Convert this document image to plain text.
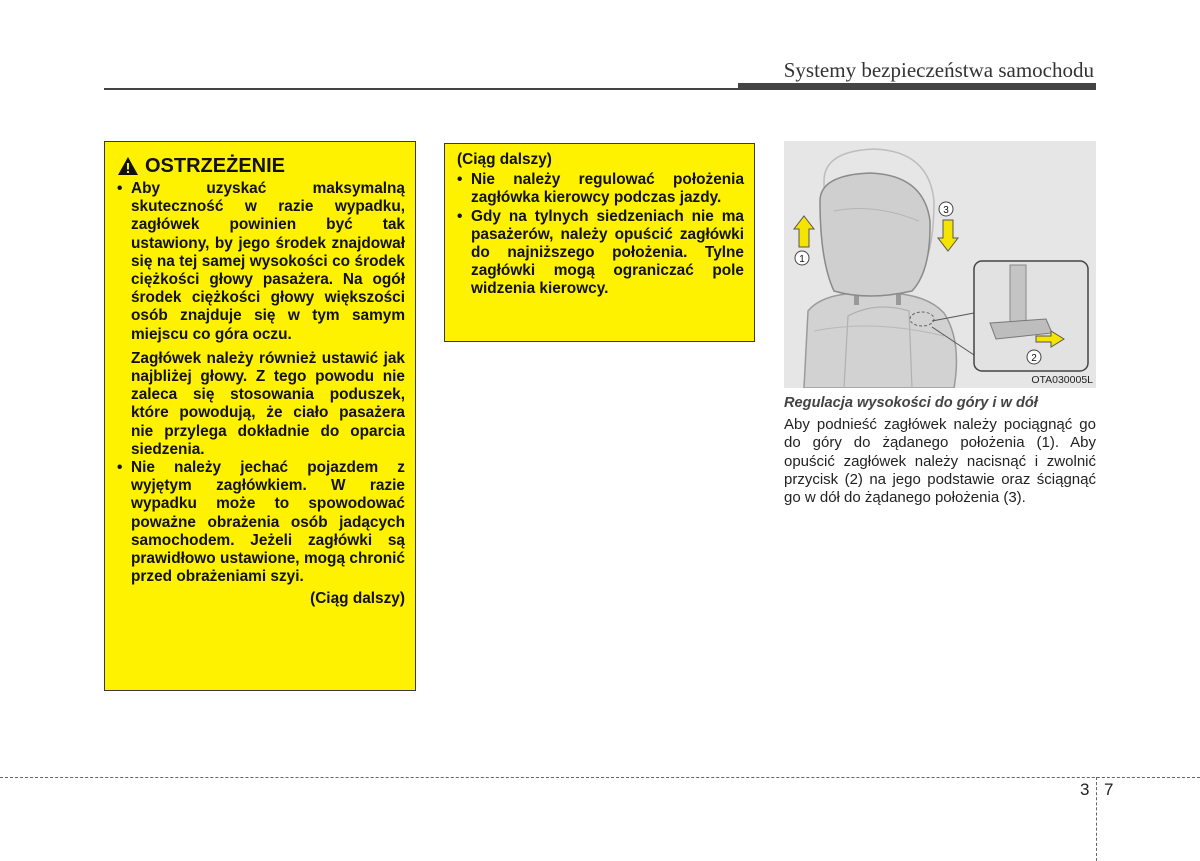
Systemy bezpieczeństwa samochodu
OSTRZEŻENIE
• Aby uzyskać maksymalną skuteczność w razie wypadku, zagłówek powinien być tak ustawiony, by jego środek znajdował się na tej samej wysokości co środek ciężkości głowy pasażera. Na ogół środek ciężkości głowy większości osób znajduje się w tym samym miejscu co góra oczu.
Zagłówek należy również ustawić jak najbliżej głowy. Z tego powodu nie zaleca się stosowania poduszek, które powodują, że ciało pasażera nie przylega dokładnie do oparcia siedzenia.
• Nie należy jechać pojazdem z wyjętym zagłówkiem. W razie wypadku może to spowodować poważne obrażenia osób jadących samochodem. Jeżeli zagłówki są prawidłowo ustawione, mogą chronić przed obrażeniami szyi.
(Ciąg dalszy)
(Ciąg dalszy)
• Nie należy regulować położenia zagłówka kierowcy podczas jazdy.
• Gdy na tylnych siedzeniach nie ma pasażerów, należy opuścić zagłówki do najniższego położenia. Tylne zagłówki mogą ograniczać pole widzenia kierowcy.
1
3
2
OTA030005L
Regulacja wysokości do góry i w dół
Aby podnieść zagłówek należy pociągnąć go do góry do żądanego położenia (1). Aby opuścić zagłówek należy nacisnąć i zwolnić przycisk (2) na jego podstawie oraz ściągnąć go w dół do żądanego położenia (3).
3 7
